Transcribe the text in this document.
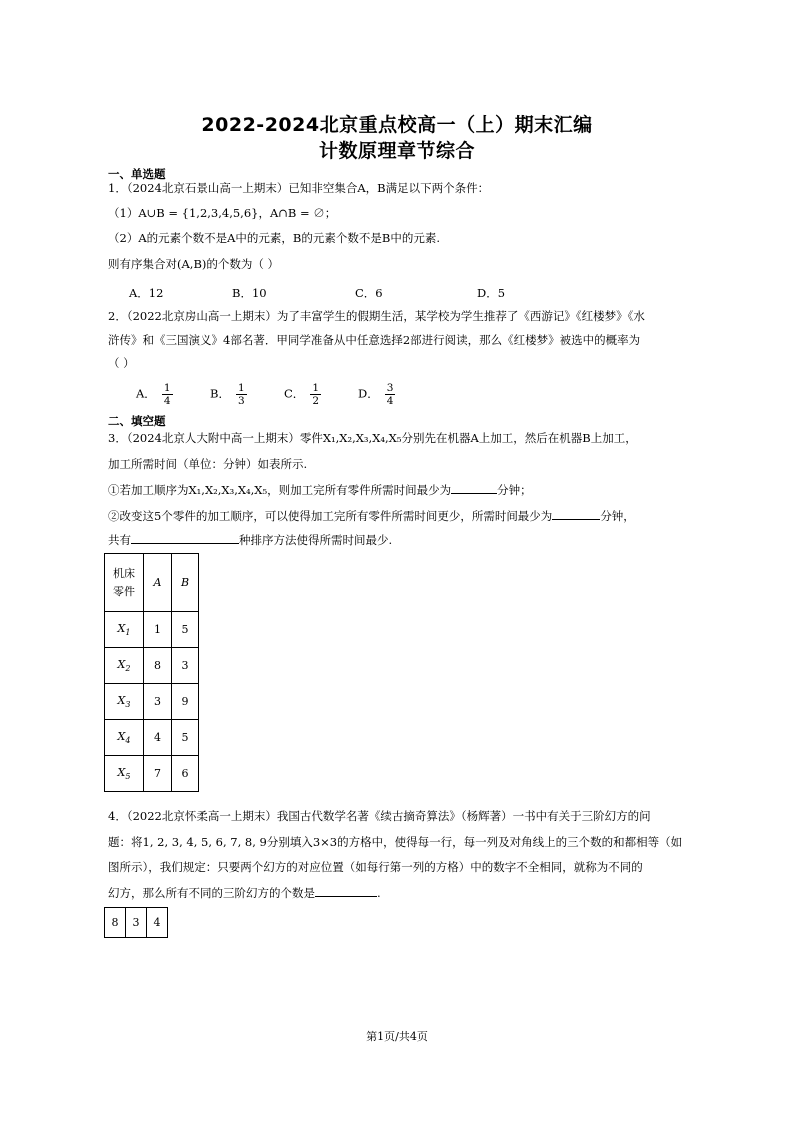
2022-2024北京重点校高一（上）期末汇编
计数原理章节综合
一、单选题
1．（2024北京石景山高一上期末）已知非空集合A，B满足以下两个条件：
（1）A∪B = {1,2,3,4,5,6}，A∩B = ∅；
（2）A的元素个数不是A中的元素，B的元素个数不是B中的元素.
则有序集合对(A,B)的个数为（ ）
A．12	B．10	C．6	D．5
2．（2022北京房山高一上期末）为了丰富学生的假期生活，某学校为学生推荐了《西游记》《红楼梦》《水
浒传》和《三国演义》4部名著．甲同学准备从中任意选择2部进行阅读，那么《红楼梦》被选中的概率为
（ ）
A． $\frac{1}{4}$	B． $\frac{1}{3}$	C． $\frac{1}{2}$	D． $\frac{3}{4}$
二、填空题
3．（2024北京人大附中高一上期末）零件X₁,X₂,X₃,X₄,X₅分别先在机器A上加工，然后在机器B上加工，
加工所需时间（单位：分钟）如表所示.
①若加工顺序为X₁,X₂,X₃,X₄,X₅，则加工完所有零件所需时间最少为	分钟；
②改变这5个零件的加工顺序，可以使得加工完所有零件所需时间更少，所需时间最少为	分钟，
共有	种排序方法使得所需时间最少.
机床
零件	A	B
$X_1$	1	5
$X_2$	8	3
$X_3$	3	9
$X_4$	4	5
$X_5$	7	6
4．（2022北京怀柔高一上期末）我国古代数学名著《续古摘奇算法》（杨辉著）一书中有关于三阶幻方的问
题：将1, 2, 3, 4, 5, 6, 7, 8, 9分别填入3×3的方格中，使得每一行，每一列及对角线上的三个数的和都相等（如
图所示），我们规定：只要两个幻方的对应位置（如每行第一列的方格）中的数字不全相同，就称为不同的
幻方，那么所有不同的三阶幻方的个数是	.
8	3	4
第1页/共4页
